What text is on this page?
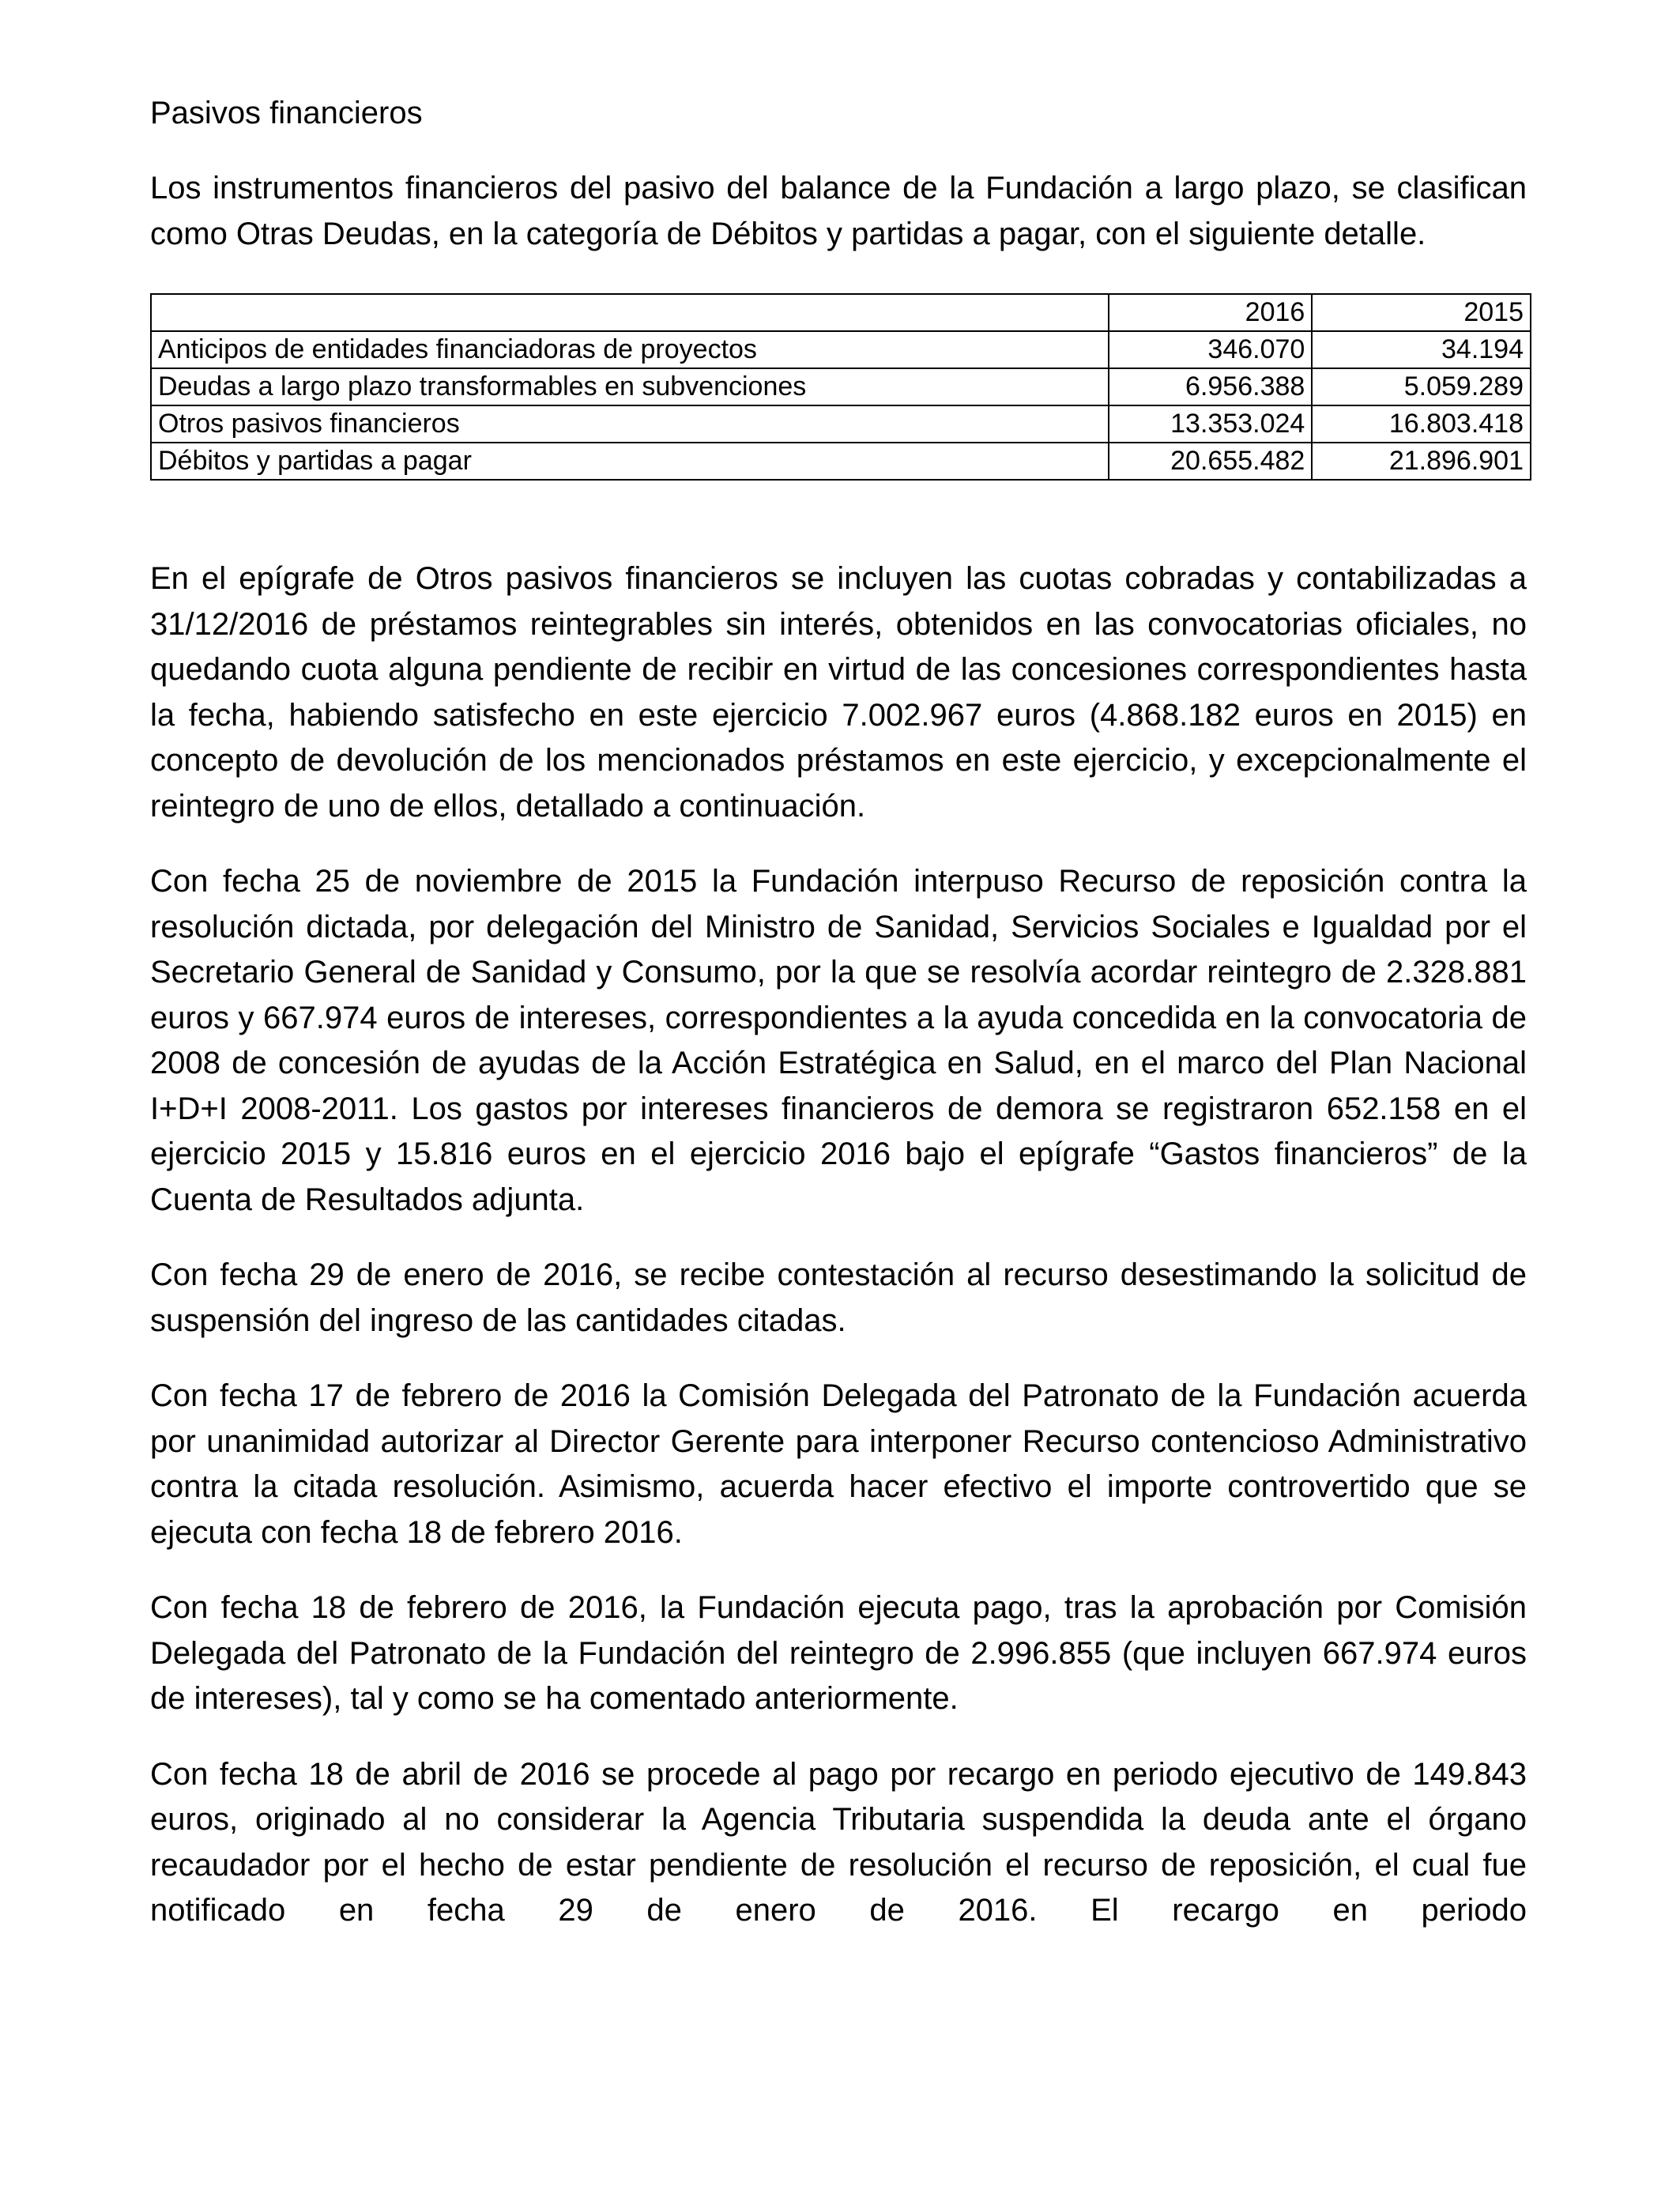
Pasivos financieros

Los instrumentos financieros del pasivo del balance de la Fundación a largo plazo, se clasifican como Otras Deudas, en la categoría de Débitos y partidas a pagar, con el siguiente detalle.

	2016	2015
Anticipos de entidades financiadoras de proyectos	346.070	34.194
Deudas a largo plazo transformables en subvenciones	6.956.388	5.059.289
Otros pasivos financieros	13.353.024	16.803.418
Débitos y partidas a pagar	20.655.482	21.896.901

En el epígrafe de Otros pasivos financieros se incluyen las cuotas cobradas y contabilizadas a 31/12/2016 de préstamos reintegrables sin interés, obtenidos en las convocatorias oficiales, no quedando cuota alguna pendiente de recibir en virtud de las concesiones correspondientes hasta la fecha, habiendo satisfecho en este ejercicio 7.002.967 euros (4.868.182 euros en 2015) en concepto de devolución de los mencionados préstamos en este ejercicio, y excepcionalmente el reintegro de uno de ellos, detallado a continuación.

Con fecha 25 de noviembre de 2015 la Fundación interpuso Recurso de reposición contra la resolución dictada, por delegación del Ministro de Sanidad, Servicios Sociales e Igualdad por el Secretario General de Sanidad y Consumo, por la que se resolvía acordar reintegro de 2.328.881 euros y 667.974 euros de intereses, correspondientes a la ayuda concedida en la convocatoria de 2008 de concesión de ayudas de la Acción Estratégica en Salud, en el marco del Plan Nacional I+D+I 2008-2011. Los gastos por intereses financieros de demora se registraron 652.158 en el ejercicio 2015 y 15.816 euros en el ejercicio 2016 bajo el epígrafe “Gastos financieros” de la Cuenta de Resultados adjunta.

Con fecha 29 de enero de 2016, se recibe contestación al recurso desestimando la solicitud de suspensión del ingreso de las cantidades citadas.

Con fecha 17 de febrero de 2016 la Comisión Delegada del Patronato de la Fundación acuerda por unanimidad autorizar al Director Gerente para interponer Recurso contencioso Administrativo contra la citada resolución. Asimismo, acuerda hacer efectivo el importe controvertido que se ejecuta con fecha 18 de febrero 2016.

Con fecha 18 de febrero de 2016, la Fundación ejecuta pago, tras la aprobación por Comisión Delegada del Patronato de la Fundación del reintegro de 2.996.855 (que incluyen 667.974 euros de intereses), tal y como se ha comentado anteriormente.

Con fecha 18 de abril de 2016 se procede al pago por recargo en periodo ejecutivo de 149.843 euros, originado al no considerar la Agencia Tributaria suspendida la deuda ante el órgano recaudador por el hecho de estar pendiente de resolución el recurso de reposición, el cual fue notificado en fecha 29 de enero de 2016. El recargo en periodo
